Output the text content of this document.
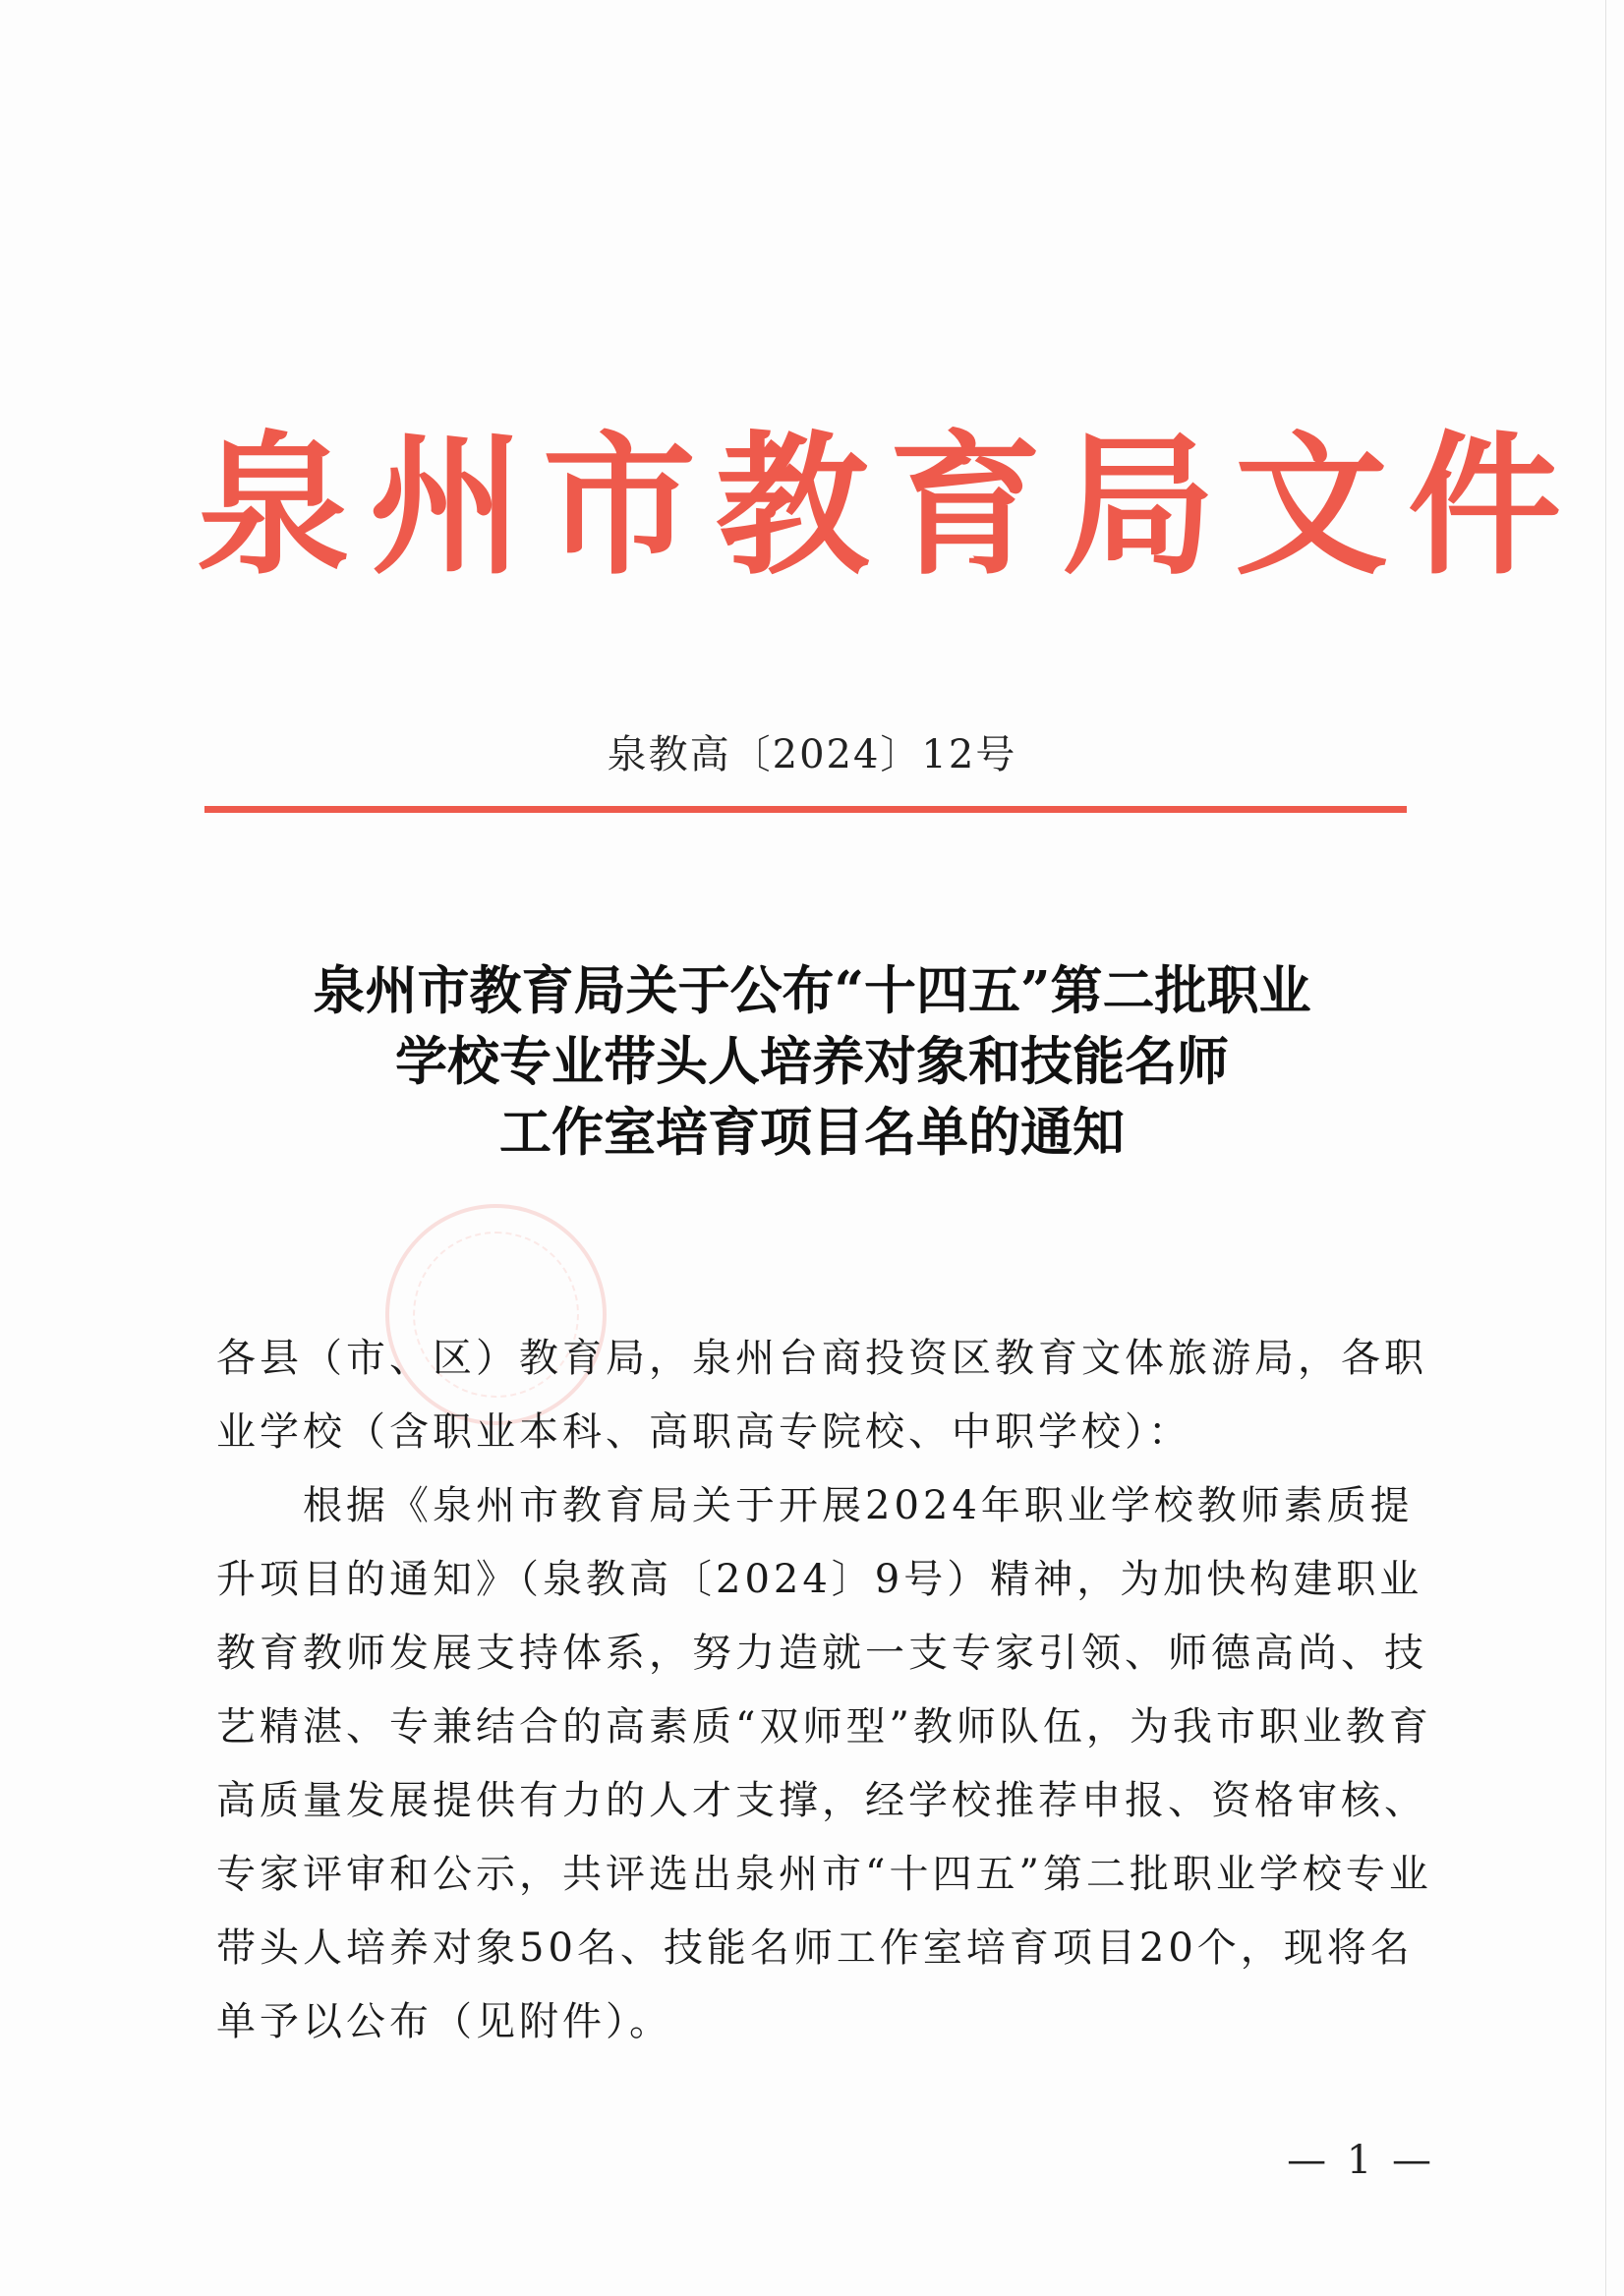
泉州市教育局文件
泉教高〔2024〕12号
泉州市教育局关于公布“十四五”第二批职业
学校专业带头人培养对象和技能名师
工作室培育项目名单的通知
各县（市、区）教育局，泉州台商投资区教育文体旅游局，各职
业学校（含职业本科、高职高专院校、中职学校）：
根据《泉州市教育局关于开展2024年职业学校教师素质提
升项目的通知》（泉教高〔2024〕9号）精神，为加快构建职业
教育教师发展支持体系，努力造就一支专家引领、师德高尚、技
艺精湛、专兼结合的高素质“双师型”教师队伍，为我市职业教育
高质量发展提供有力的人才支撑，经学校推荐申报、资格审核、
专家评审和公示，共评选出泉州市“十四五”第二批职业学校专业
带头人培养对象50名、技能名师工作室培育项目20个，现将名
单予以公布（见附件）。
— 1 —
